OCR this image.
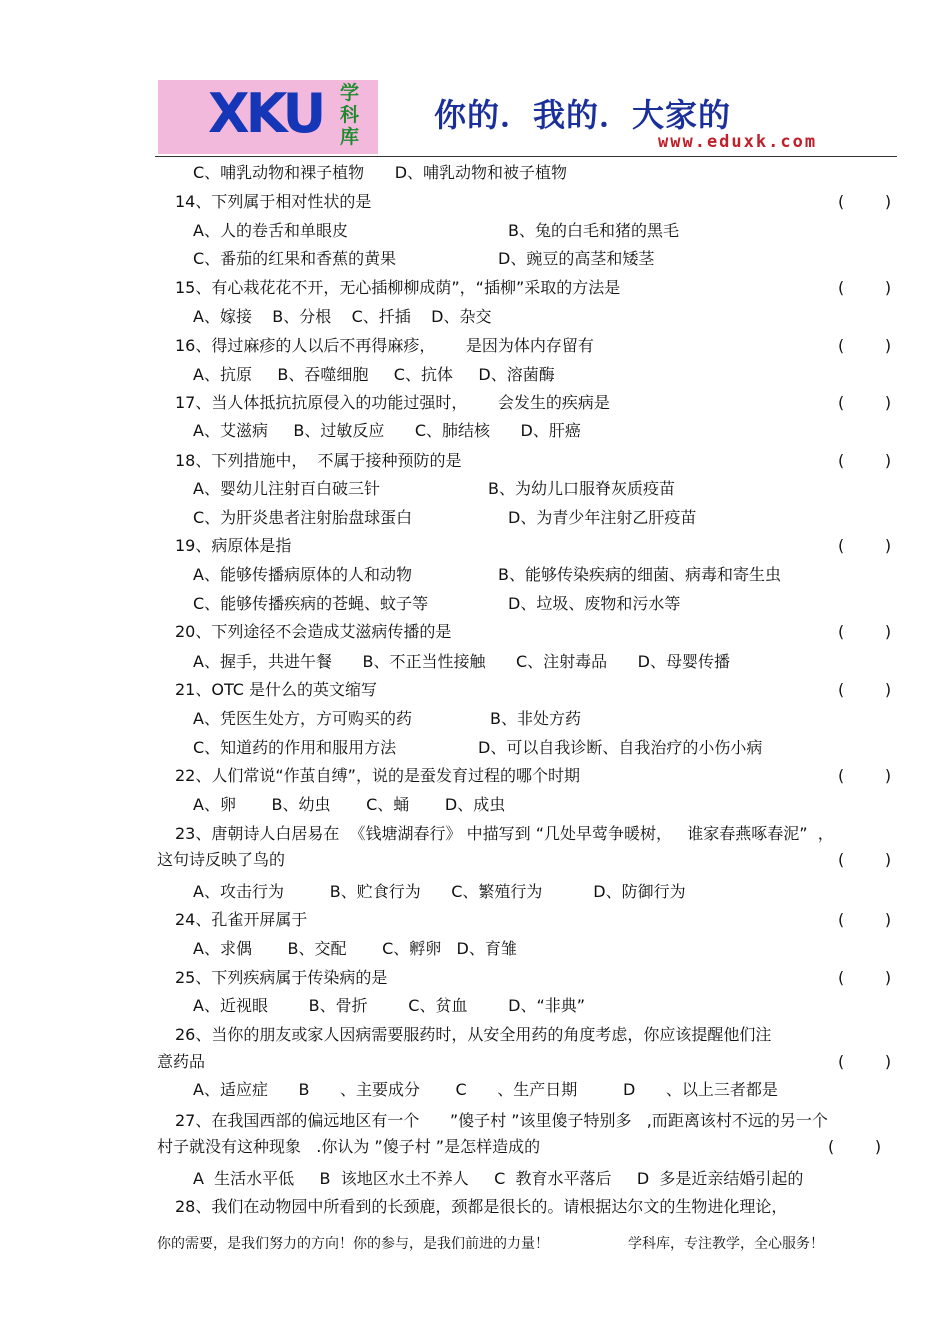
XKU 学科库
你的．我的．大家的
www.eduxk.com
C、哺乳动物和裸子植物      D、哺乳动物和被子植物
14、下列属于相对性状的是	(        )
A、人的卷舌和单眼皮	B、兔的白毛和猪的黑毛
C、番茄的红果和香蕉的黄果	D、豌豆的高茎和矮茎
15、有心栽花花不开，无心插柳柳成荫”，“插柳”采取的方法是	(        )
A、嫁接    B、分根    C、扦插    D、杂交
16、得过麻疹的人以后不再得麻疹，      是因为体内存留有	(        )
A、抗原     B、吞噬细胞     C、抗体     D、溶菌酶
17、当人体抵抗抗原侵入的功能过强时，      会发生的疾病是	(        )
A、艾滋病     B、过敏反应      C、肺结核      D、肝癌
18、下列措施中，  不属于接种预防的是	(        )
A、婴幼儿注射百白破三针	B、为幼儿口服脊灰质疫苗
C、为肝炎患者注射胎盘球蛋白	D、为青少年注射乙肝疫苗
19、病原体是指	(        )
A、能够传播病原体的人和动物	B、能够传染疾病的细菌、病毒和寄生虫
C、能够传播疾病的苍蝇、蚊子等	D、垃圾、废物和污水等
20、下列途径不会造成艾滋病传播的是	(        )
A、握手，共进午餐      B、不正当性接触      C、注射毒品      D、母婴传播
21、OTC 是什么的英文缩写	(        )
A、凭医生处方，方可购买的药	B、非处方药
C、知道药的作用和服用方法	D、可以自我诊断、自我治疗的小伤小病
22、人们常说“作茧自缚”，说的是蚕发育过程的哪个时期	(        )
A、卵       B、幼虫       C、蛹       D、成虫
23、唐朝诗人白居易在  《钱塘湖春行》 中描写到 “几处早莺争暖树，   谁家春燕啄春泥”  ，
这句诗反映了鸟的	(        )
A、攻击行为         B、贮食行为      C、繁殖行为          D、防御行为
24、孔雀开屏属于	(        )
A、求偶       B、交配       C、孵卵   D、育雏
25、下列疾病属于传染病的是	(        )
A、近视眼        B、骨折        C、贫血        D、“非典”
26、当你的朋友或家人因病需要服药时，从安全用药的角度考虑，你应该提醒他们注
意药品	(        )
A、适应症      B      、主要成分       C      、生产日期         D      、以上三者都是
27、在我国西部的偏远地区有一个      ”傻子村 ”该里傻子特别多   ,而距离该村不远的另一个
村子就没有这种现象   .你认为 ”傻子村 ”是怎样造成的	(        )
A  生活水平低     B  该地区水土不养人     C  教育水平落后     D  多是近亲结婚引起的
28、我们在动物园中所看到的长颈鹿，颈都是很长的。请根据达尔文的生物进化理论，
你的需要，是我们努力的方向！你的参与，是我们前进的力量！	学科库，专注教学，全心服务！
